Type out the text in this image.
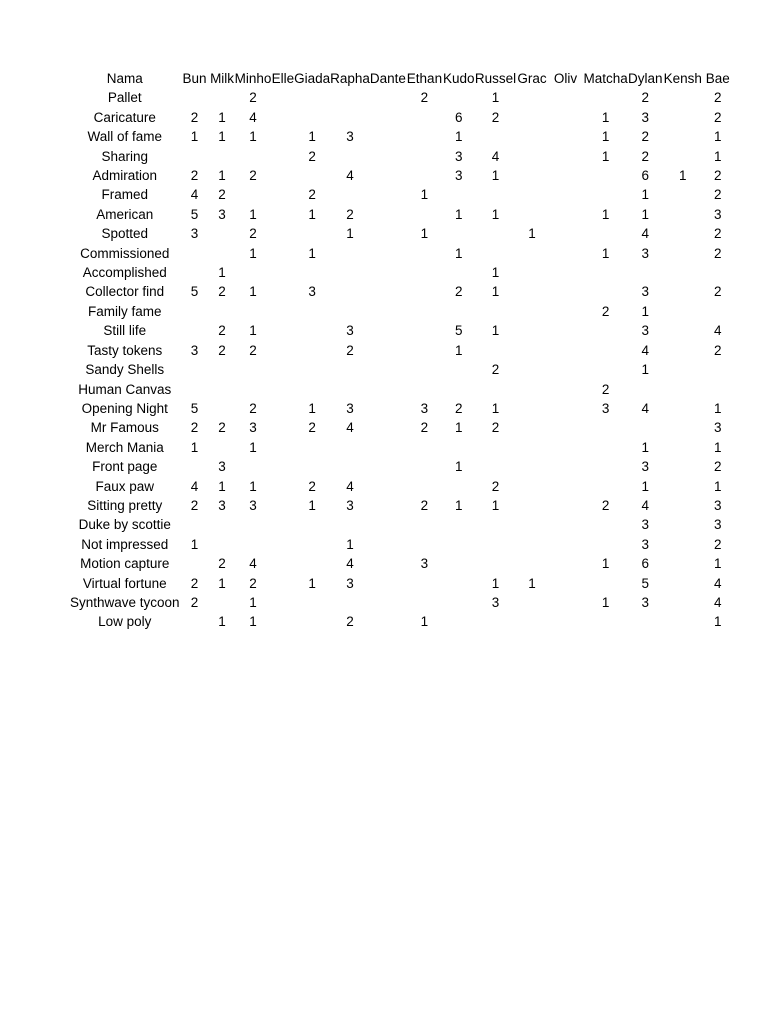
Nama	Bun	Milk	Minho	Elle	Giada	Rapha	Dante	Ethan	Kudo	Russel	Grac	Oliv	Matcha	Dylan	Kensh	Bae
Pallet			2					2		1				2		2
Caricature	2	1	4						6	2			1	3		2
Wall of fame	1	1	1		1	3			1				1	2		1
Sharing					2				3	4			1	2		1
Admiration	2	1	2			4			3	1				6	1	2
Framed	4	2			2			1						1		2
American	5	3	1		1	2			1	1			1	1		3
Spotted	3		2			1		1			1			4		2
Commissioned			1		1				1				1	3		2
Accomplished		1								1						
Collector find	5	2	1		3				2	1				3		2
Family fame													2	1		
Still life		2	1			3			5	1				3		4
Tasty tokens	3	2	2			2			1					4		2
Sandy Shells										2				1		
Human Canvas													2			
Opening Night	5		2		1	3		3	2	1			3	4		1
Mr Famous	2	2	3		2	4		2	1	2						3
Merch Mania	1		1											1		1
Front page		3							1					3		2
Faux paw	4	1	1		2	4				2				1		1
Sitting pretty	2	3	3		1	3		2	1	1			2	4		3
Duke by scottie														3		3
Not impressed	1					1								3		2
Motion capture		2	4			4		3					1	6		1
Virtual fortune	2	1	2		1	3				1	1			5		4
Synthwave tycoon	2		1							3			1	3		4
Low poly		1	1			2		1								1
